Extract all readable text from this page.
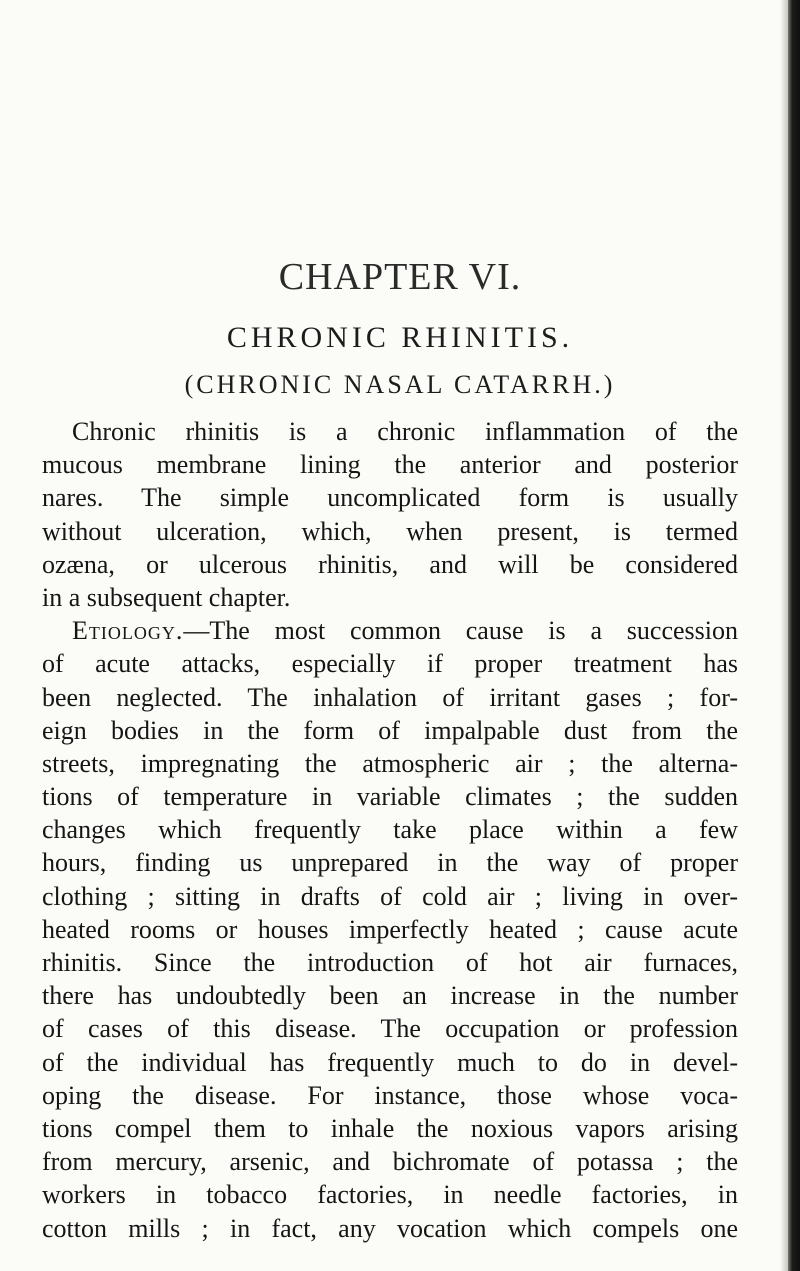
CHAPTER VI.
CHRONIC RHINITIS.
(CHRONIC NASAL CATARRH.)
Chronic rhinitis is a chronic inflammation of the
mucous membrane lining the anterior and posterior
nares. The simple uncomplicated form is usually
without ulceration, which, when present, is termed
ozæna, or ulcerous rhinitis, and will be considered
in a subsequent chapter.
Etiology.—The most common cause is a succession
of acute attacks, especially if proper treatment has
been neglected. The inhalation of irritant gases ; for-
eign bodies in the form of impalpable dust from the
streets, impregnating the atmospheric air ; the alterna-
tions of temperature in variable climates ; the sudden
changes which frequently take place within a few
hours, finding us unprepared in the way of proper
clothing ; sitting in drafts of cold air ; living in over-
heated rooms or houses imperfectly heated ; cause acute
rhinitis. Since the introduction of hot air furnaces,
there has undoubtedly been an increase in the number
of cases of this disease. The occupation or profession
of the individual has frequently much to do in devel-
oping the disease. For instance, those whose voca-
tions compel them to inhale the noxious vapors arising
from mercury, arsenic, and bichromate of potassa ; the
workers in tobacco factories, in needle factories, in
cotton mills ; in fact, any vocation which compels one
